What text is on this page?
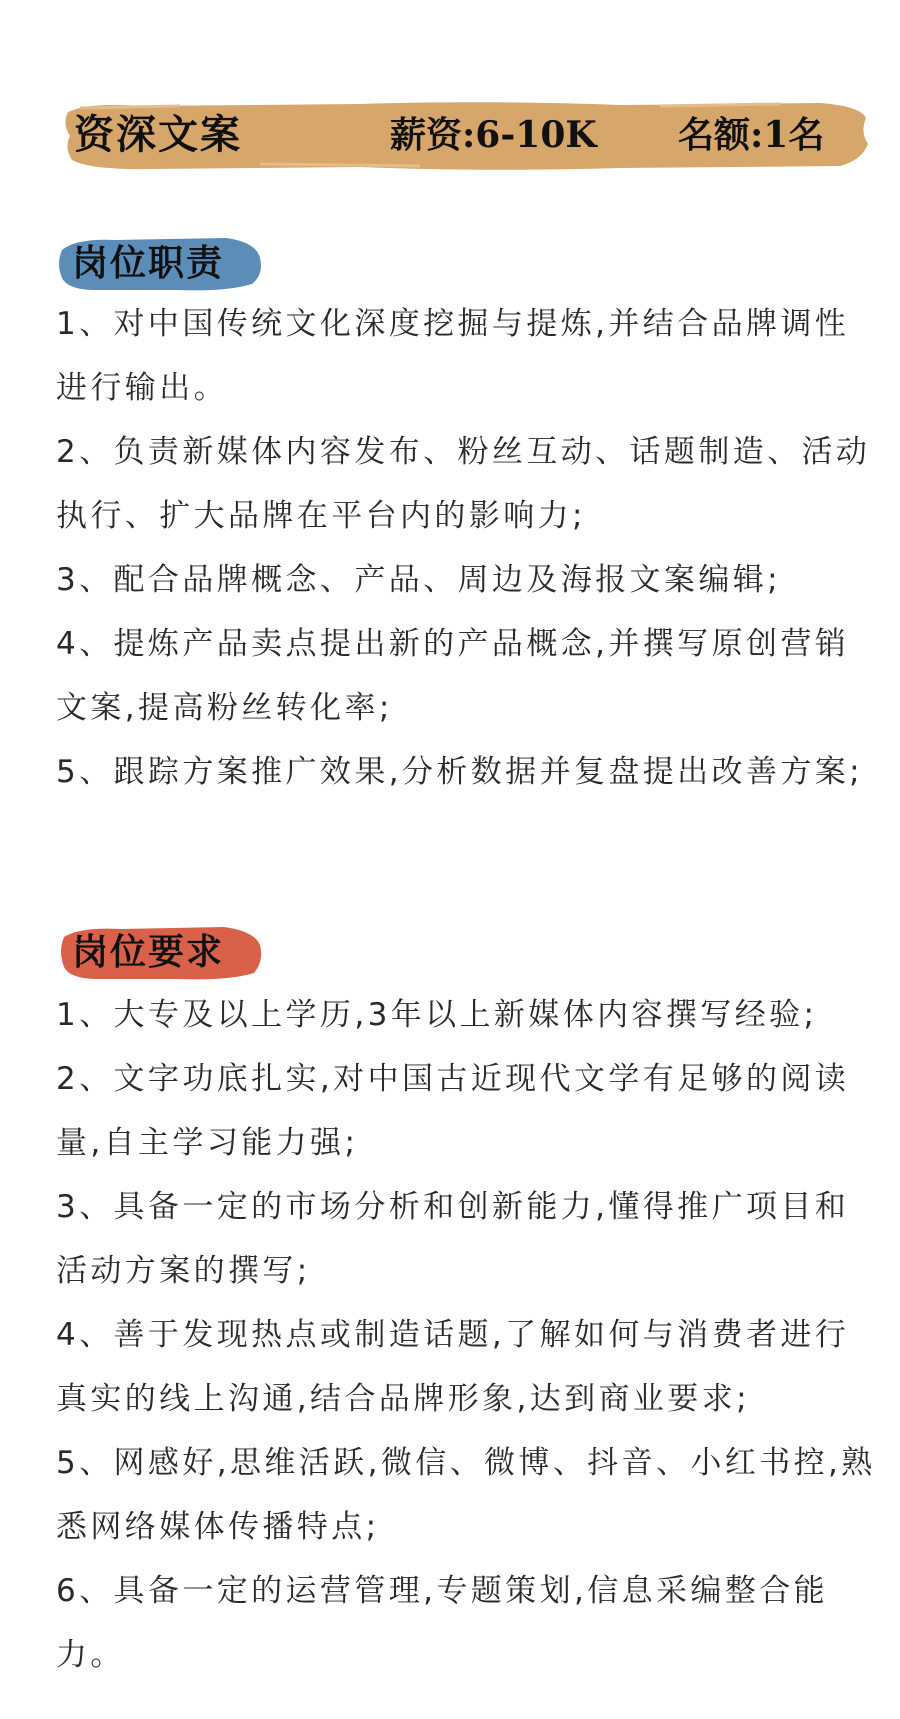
资深文案	薪资:6-10K 名额:1名
岗位职责
1、对中国传统文化深度挖掘与提炼,并结合品牌调性进行输出。
2、负责新媒体内容发布、粉丝互动、话题制造、活动执行、扩大品牌在平台内的影响力;
3、配合品牌概念、产品、周边及海报文案编辑;
4、提炼产品卖点提出新的产品概念,并撰写原创营销文案,提高粉丝转化率;
5、跟踪方案推广效果,分析数据并复盘提出改善方案;
岗位要求
1、大专及以上学历,3年以上新媒体内容撰写经验;
2、文字功底扎实,对中国古近现代文学有足够的阅读量,自主学习能力强;
3、具备一定的市场分析和创新能力,懂得推广项目和活动方案的撰写;
4、善于发现热点或制造话题,了解如何与消费者进行真实的线上沟通,结合品牌形象,达到商业要求;
5、网感好,思维活跃,微信、微博、抖音、小红书控,熟悉网络媒体传播特点;
6、具备一定的运营管理,专题策划,信息采编整合能力。
